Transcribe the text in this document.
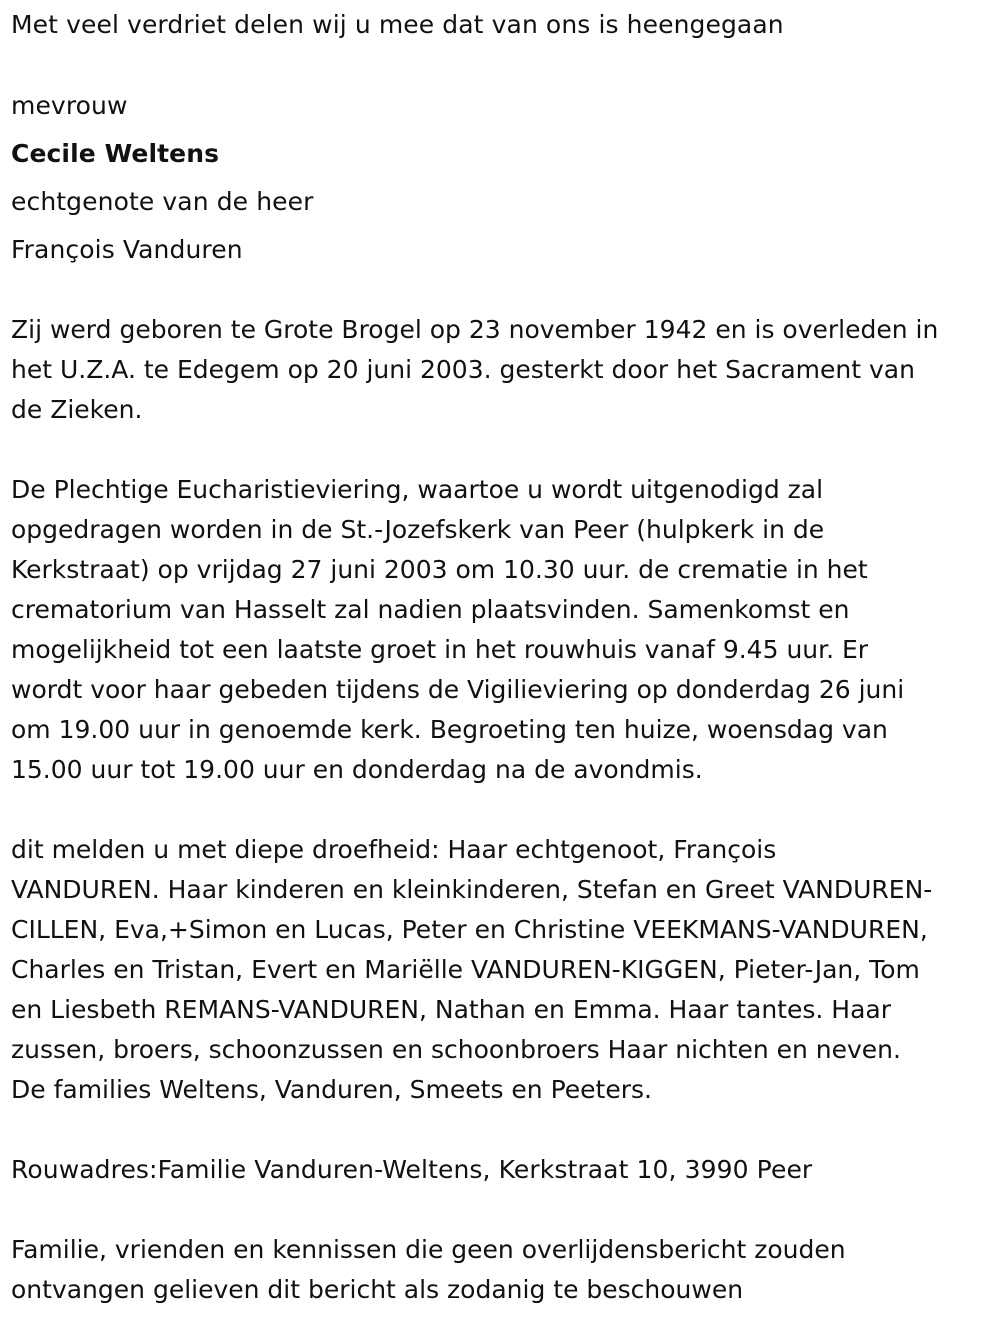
Met veel verdriet delen wij u mee dat van ons is heengegaan

mevrouw

Cecile Weltens

echtgenote van de heer

François Vanduren

Zij werd geboren te Grote Brogel op 23 november 1942 en is overleden in
het U.Z.A. te Edegem op 20 juni 2003. gesterkt door het Sacrament van
de Zieken.
De Plechtige Eucharistieviering, waartoe u wordt uitgenodigd zal
opgedragen worden in de St.-Jozefskerk van Peer (hulpkerk in de
Kerkstraat) op vrijdag 27 juni 2003 om 10.30 uur. de crematie in het
crematorium van Hasselt zal nadien plaatsvinden. Samenkomst en
mogelijkheid tot een laatste groet in het rouwhuis vanaf 9.45 uur. Er
wordt voor haar gebeden tijdens de Vigilieviering op donderdag 26 juni
om 19.00 uur in genoemde kerk. Begroeting ten huize, woensdag van
15.00 uur tot 19.00 uur en donderdag na de avondmis.
dit melden u met diepe droefheid: Haar echtgenoot, François
VANDUREN. Haar kinderen en kleinkinderen, Stefan en Greet VANDUREN-
CILLEN, Eva,+Simon en Lucas, Peter en Christine VEEKMANS-VANDUREN,
Charles en Tristan, Evert en Mariëlle VANDUREN-KIGGEN, Pieter-Jan, Tom
en Liesbeth REMANS-VANDUREN, Nathan en Emma. Haar tantes. Haar
zussen, broers, schoonzussen en schoonbroers Haar nichten en neven.
De families Weltens, Vanduren, Smeets en Peeters.

Rouwadres:Familie Vanduren-Weltens, Kerkstraat 10, 3990 Peer

Familie, vrienden en kennissen die geen overlijdensbericht zouden
ontvangen gelieven dit bericht als zodanig te beschouwen
